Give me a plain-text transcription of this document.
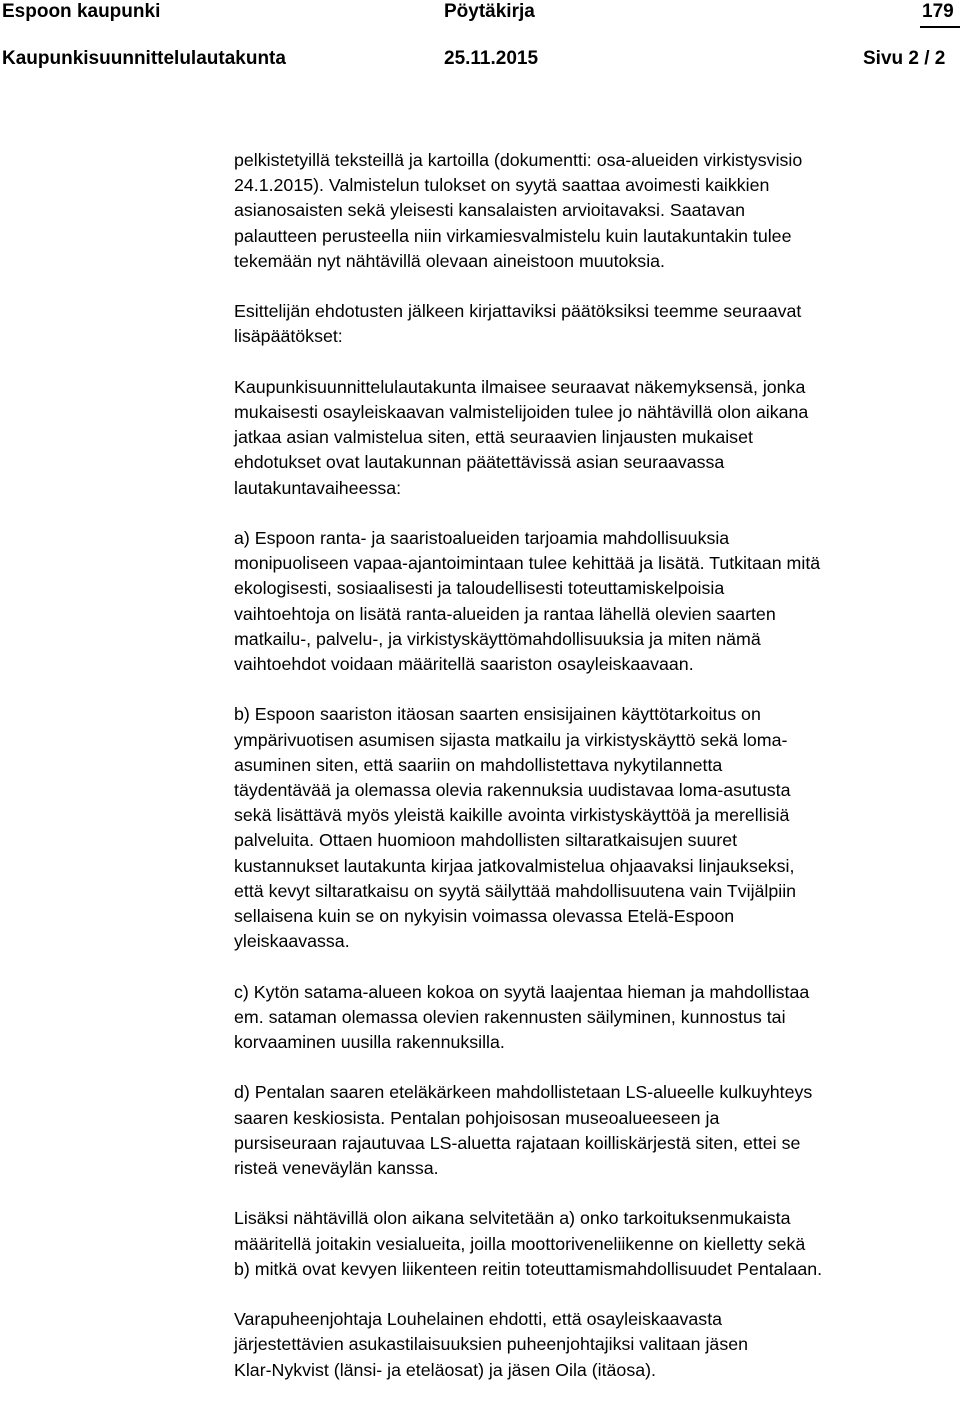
Espoon kaupunki	Pöytäkirja	179
Kaupunkisuunnittelulautakunta	25.11.2015	Sivu 2 / 2

pelkistetyillä teksteillä ja kartoilla (dokumentti: osa-alueiden virkistysvisio
24.1.2015). Valmistelun tulokset on syytä saattaa avoimesti kaikkien
asianosaisten sekä yleisesti kansalaisten arvioitavaksi. Saatavan
palautteen perusteella niin virkamiesvalmistelu kuin lautakuntakin tulee
tekemään nyt nähtävillä olevaan aineistoon muutoksia.

Esittelijän ehdotusten jälkeen kirjattaviksi päätöksiksi teemme seuraavat
lisäpäätökset:

Kaupunkisuunnittelulautakunta ilmaisee seuraavat näkemyksensä, jonka
mukaisesti osayleiskaavan valmistelijoiden tulee jo nähtävillä olon aikana
jatkaa asian valmistelua siten, että seuraavien linjausten mukaiset
ehdotukset ovat lautakunnan päätettävissä asian seuraavassa
lautakuntavaiheessa:

a) Espoon ranta- ja saaristoalueiden tarjoamia mahdollisuuksia
monipuoliseen vapaa-ajantoimintaan tulee kehittää ja lisätä. Tutkitaan mitä
ekologisesti, sosiaalisesti ja taloudellisesti toteuttamiskelpoisia
vaihtoehtoja on lisätä ranta-alueiden ja rantaa lähellä olevien saarten
matkailu-, palvelu-, ja virkistyskäyttömahdollisuuksia ja miten nämä
vaihtoehdot voidaan määritellä saariston osayleiskaavaan.

b) Espoon saariston itäosan saarten ensisijainen käyttötarkoitus on
ympärivuotisen asumisen sijasta matkailu ja virkistyskäyttö sekä loma-
asuminen siten, että saariin on mahdollistettava nykytilannetta
täydentävää ja olemassa olevia rakennuksia uudistavaa loma-asutusta
sekä lisättävä myös yleistä kaikille avointa virkistyskäyttöä ja merellisiä
palveluita. Ottaen huomioon mahdollisten siltaratkaisujen suuret
kustannukset lautakunta kirjaa jatkovalmistelua ohjaavaksi linjaukseksi,
että kevyt siltaratkaisu on syytä säilyttää mahdollisuutena vain Tvijälpiin
sellaisena kuin se on nykyisin voimassa olevassa Etelä-Espoon
yleiskaavassa.

c) Kytön satama-alueen kokoa on syytä laajentaa hieman ja mahdollistaa
em. sataman olemassa olevien rakennusten säilyminen, kunnostus tai
korvaaminen uusilla rakennuksilla.

d) Pentalan saaren eteläkärkeen mahdollistetaan LS-alueelle kulkuyhteys
saaren keskiosista. Pentalan pohjoisosan museoalueeseen ja
pursiseuraan rajautuvaa LS-aluetta rajataan koilliskärjestä siten, ettei se
risteä veneväylän kanssa.

Lisäksi nähtävillä olon aikana selvitetään a) onko tarkoituksenmukaista
määritellä joitakin vesialueita, joilla moottoriveneliikenne on kielletty sekä
b) mitkä ovat kevyen liikenteen reitin toteuttamismahdollisuudet Pentalaan.

Varapuheenjohtaja Louhelainen ehdotti, että osayleiskaavasta
järjestettävien asukastilaisuuksien puheenjohtajiksi valitaan jäsen
Klar-Nykvist (länsi- ja eteläosat) ja jäsen Oila (itäosa).
